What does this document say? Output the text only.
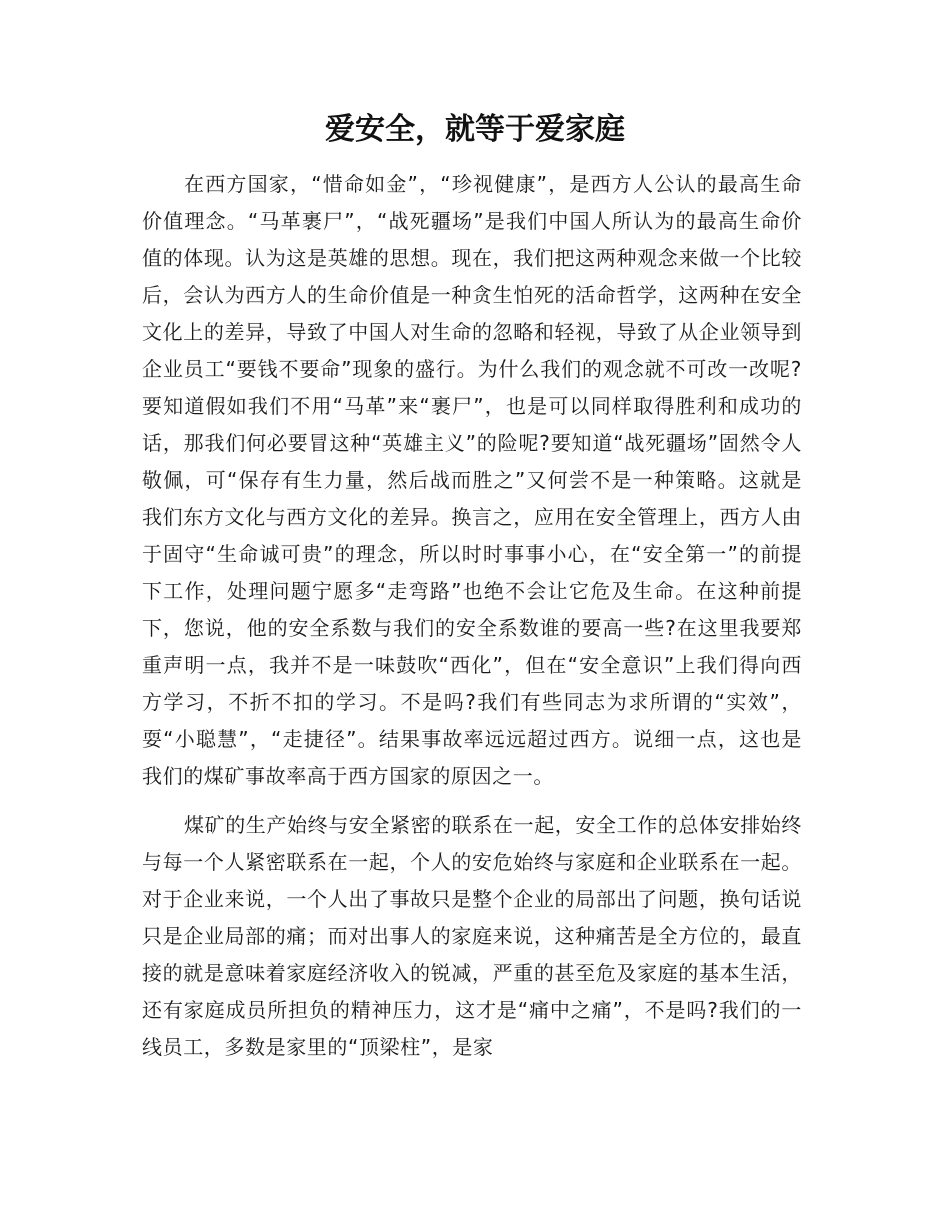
爱安全，就等于爱家庭

在西方国家，“惜命如金”，“珍视健康”，是西方人公认的最高生命价值理念。“马革裹尸”，“战死疆场”是我们中国人所认为的最高生命价值的体现。认为这是英雄的思想。现在，我们把这两种观念来做一个比较后，会认为西方人的生命价值是一种贪生怕死的活命哲学，这两种在安全文化上的差异，导致了中国人对生命的忽略和轻视，导致了从企业领导到企业员工“要钱不要命”现象的盛行。为什么我们的观念就不可改一改呢?要知道假如我们不用“马革”来“裹尸”，也是可以同样取得胜利和成功的话，那我们何必要冒这种“英雄主义”的险呢?要知道“战死疆场”固然令人敬佩，可“保存有生力量，然后战而胜之”又何尝不是一种策略。这就是我们东方文化与西方文化的差异。换言之，应用在安全管理上，西方人由于固守“生命诚可贵”的理念，所以时时事事小心，在“安全第一”的前提下工作，处理问题宁愿多“走弯路”也绝不会让它危及生命。在这种前提下，您说，他的安全系数与我们的安全系数谁的要高一些?在这里我要郑重声明一点，我并不是一味鼓吹“西化”，但在“安全意识”上我们得向西方学习，不折不扣的学习。不是吗?我们有些同志为求所谓的“实效”，耍“小聪慧”，“走捷径”。结果事故率远远超过西方。说细一点，这也是我们的煤矿事故率高于西方国家的原因之一。

煤矿的生产始终与安全紧密的联系在一起，安全工作的总体安排始终与每一个人紧密联系在一起，个人的安危始终与家庭和企业联系在一起。对于企业来说，一个人出了事故只是整个企业的局部出了问题，换句话说只是企业局部的痛；而对出事人的家庭来说，这种痛苦是全方位的，最直接的就是意味着家庭经济收入的锐减，严重的甚至危及家庭的基本生活，还有家庭成员所担负的精神压力，这才是“痛中之痛”，不是吗?我们的一线员工，多数是家里的“顶梁柱”，是家
